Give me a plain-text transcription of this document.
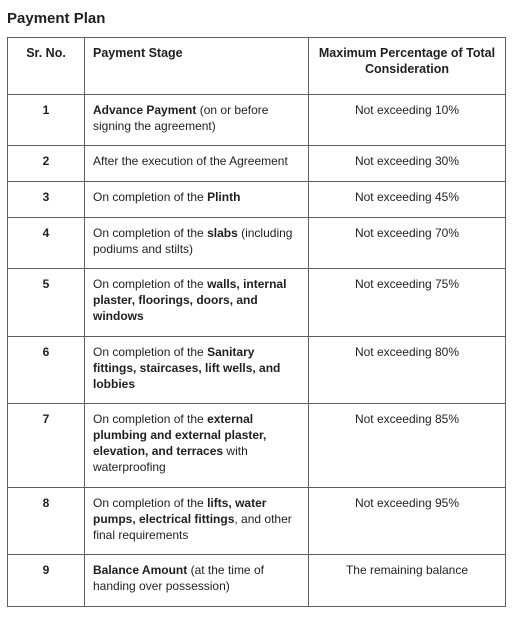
Payment Plan
Sr. No.	Payment Stage	Maximum Percentage of Total Consideration
1	Advance Payment (on or before signing the agreement)	Not exceeding 10%
2	After the execution of the Agreement	Not exceeding 30%
3	On completion of the Plinth	Not exceeding 45%
4	On completion of the slabs (including podiums and stilts)	Not exceeding 70%
5	On completion of the walls, internal plaster, floorings, doors, and windows	Not exceeding 75%
6	On completion of the Sanitary fittings, staircases, lift wells, and lobbies	Not exceeding 80%
7	On completion of the external plumbing and external plaster, elevation, and terraces with waterproofing	Not exceeding 85%
8	On completion of the lifts, water pumps, electrical fittings, and other final requirements	Not exceeding 95%
9	Balance Amount (at the time of handing over possession)	The remaining balance
